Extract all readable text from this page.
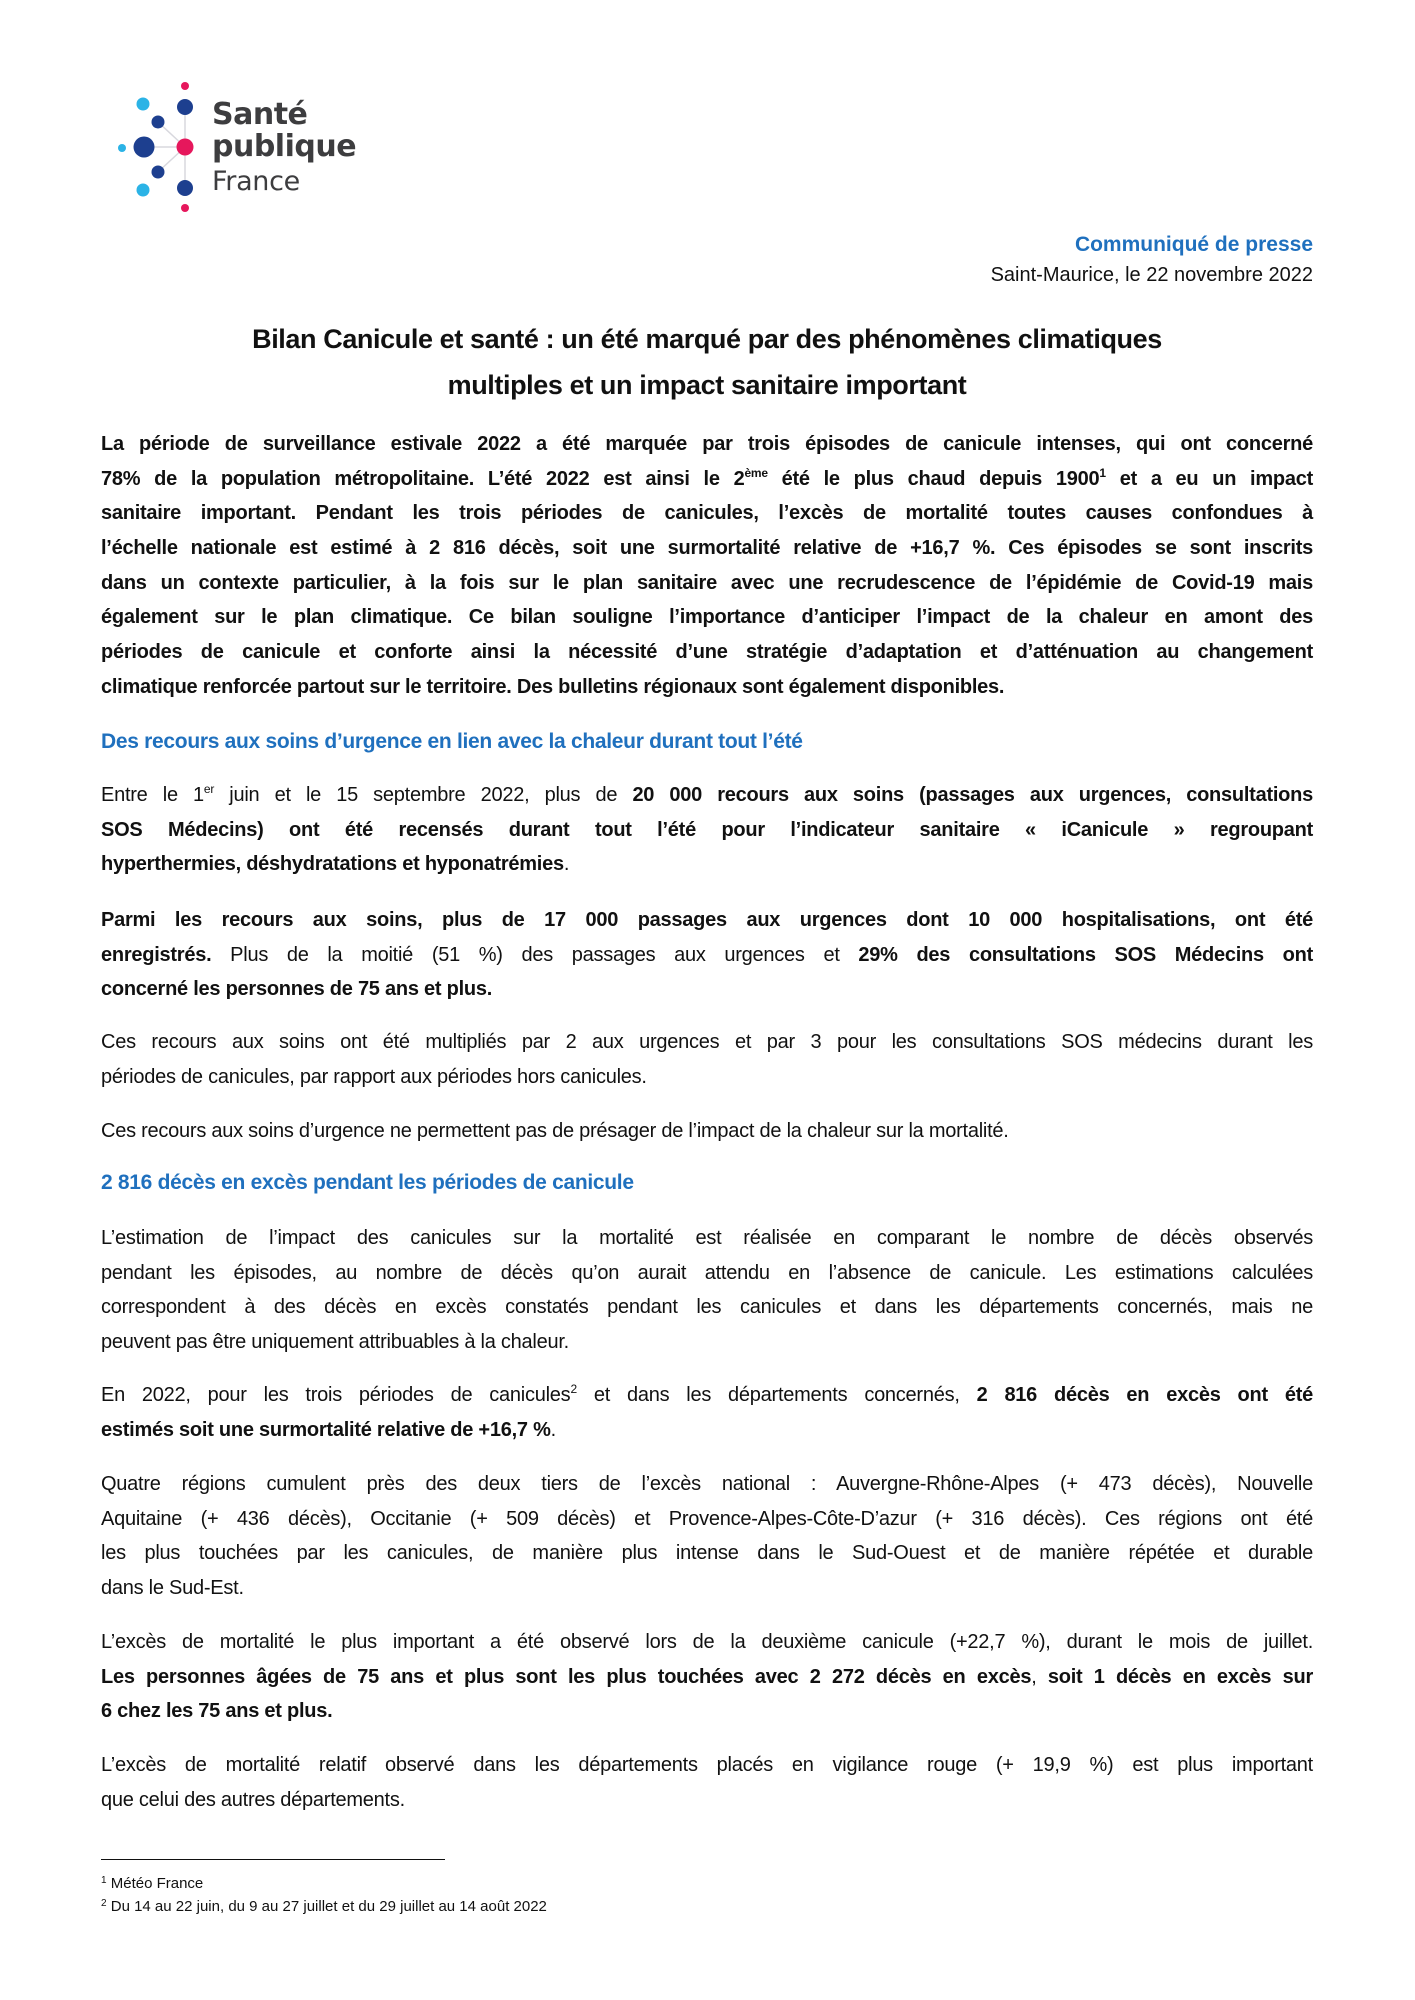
Santé
publique
France
Communiqué de presse
Saint-Maurice, le 22 novembre 2022
Bilan Canicule et santé : un été marqué par des phénomènes climatiques
multiples et un impact sanitaire important
La période de surveillance estivale 2022 a été marquée par trois épisodes de canicule intenses, qui ont concerné
78% de la population métropolitaine. L’été 2022 est ainsi le 2ème été le plus chaud depuis 1900$^1$ et a eu un impact
sanitaire important. Pendant les trois périodes de canicules, l’excès de mortalité toutes causes confondues à
l’échelle nationale est estimé à 2 816 décès, soit une surmortalité relative de +16,7 %. Ces épisodes se sont inscrits
dans un contexte particulier, à la fois sur le plan sanitaire avec une recrudescence de l’épidémie de Covid-19 mais
également sur le plan climatique. Ce bilan souligne l’importance d’anticiper l’impact de la chaleur en amont des
périodes de canicule et conforte ainsi la nécessité d’une stratégie d’adaptation et d’atténuation au changement
climatique renforcée partout sur le territoire. Des bulletins régionaux sont également disponibles.
Des recours aux soins d’urgence en lien avec la chaleur durant tout l’été
Entre le 1er juin et le 15 septembre 2022, plus de 20 000 recours aux soins (passages aux urgences, consultations
SOS Médecins) ont été recensés durant tout l’été pour l’indicateur sanitaire « iCanicule » regroupant
hyperthermies, déshydratations et hyponatrémies.
Parmi les recours aux soins, plus de 17 000 passages aux urgences dont 10 000 hospitalisations, ont été
enregistrés. Plus de la moitié (51 %) des passages aux urgences et 29% des consultations SOS Médecins ont
concerné les personnes de 75 ans et plus.
Ces recours aux soins ont été multipliés par 2 aux urgences et par 3 pour les consultations SOS médecins durant les
périodes de canicules, par rapport aux périodes hors canicules.
Ces recours aux soins d’urgence ne permettent pas de présager de l’impact de la chaleur sur la mortalité.
2 816 décès en excès pendant les périodes de canicule
L’estimation de l’impact des canicules sur la mortalité est réalisée en comparant le nombre de décès observés
pendant les épisodes, au nombre de décès qu’on aurait attendu en l’absence de canicule. Les estimations calculées
correspondent à des décès en excès constatés pendant les canicules et dans les départements concernés, mais ne
peuvent pas être uniquement attribuables à la chaleur.
En 2022, pour les trois périodes de canicules$^2$ et dans les départements concernés, 2 816 décès en excès ont été
estimés soit une surmortalité relative de +16,7 %.
Quatre régions cumulent près des deux tiers de l’excès national : Auvergne-Rhône-Alpes (+ 473 décès), Nouvelle
Aquitaine (+ 436 décès), Occitanie (+ 509 décès) et Provence-Alpes-Côte-D’azur (+ 316 décès). Ces régions ont été
les plus touchées par les canicules, de manière plus intense dans le Sud-Ouest et de manière répétée et durable
dans le Sud-Est.
L’excès de mortalité le plus important a été observé lors de la deuxième canicule (+22,7 %), durant le mois de juillet.
Les personnes âgées de 75 ans et plus sont les plus touchées avec 2 272 décès en excès, soit 1 décès en excès sur
6 chez les 75 ans et plus.
L’excès de mortalité relatif observé dans les départements placés en vigilance rouge (+ 19,9 %) est plus important
que celui des autres départements.
$^1$ Météo France
$^2$ Du 14 au 22 juin, du 9 au 27 juillet et du 29 juillet au 14 août 2022
